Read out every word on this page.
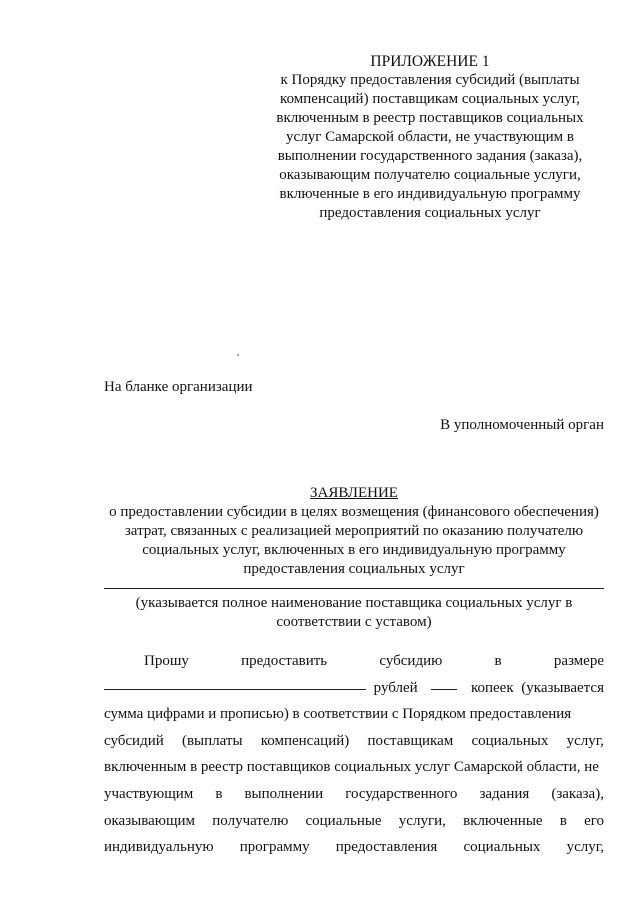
ПРИЛОЖЕНИЕ 1
к Порядку предоставления субсидий (выплаты
компенсаций) поставщикам социальных услуг,
включенным в реестр поставщиков социальных
услуг Самарской области, не участвующим в
выполнении государственного задания (заказа),
оказывающим получателю социальные услуги,
включенные в его индивидуальную программу
предоставления социальных услуг
На бланке организации
В уполномоченный орган
ЗАЯВЛЕНИЕ
о предоставлении субсидии в целях возмещения (финансового обеспечения)
затрат, связанных с реализацией мероприятий по оказанию получателю
социальных услуг, включенных в его индивидуальную программу
предоставления социальных услуг
(указывается полное наименование поставщика социальных услуг в
соответствии с уставом)
Прошу	предоставить	субсидию	в	размере
рублей	копеек (указывается
сумма цифрами и прописью) в соответствии с Порядком предоставления
субсидий (выплаты компенсаций) поставщикам социальных услуг,
включенным в реестр поставщиков социальных услуг Самарской области, не
участвующим в выполнении государственного задания (заказа),
оказывающим получателю социальные услуги, включенные в его
индивидуальную программу предоставления социальных услуг,
